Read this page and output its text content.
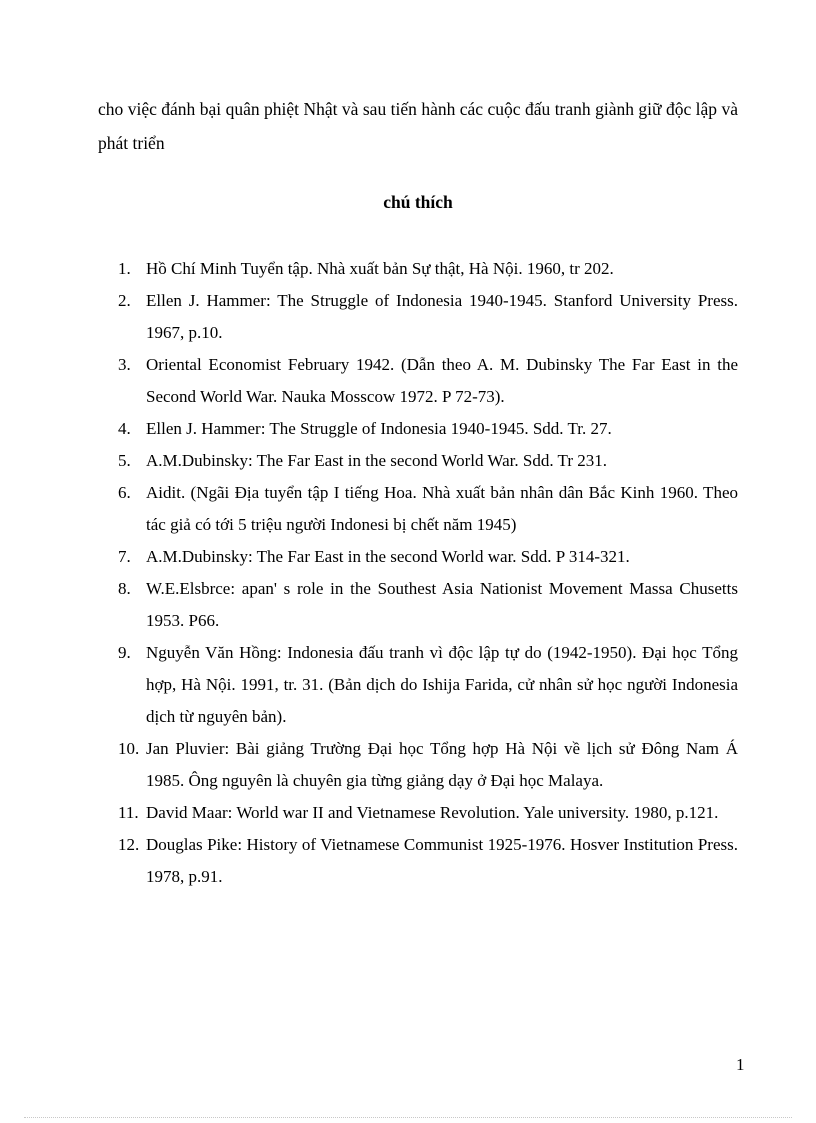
cho việc đánh bại quân phiệt Nhật và sau tiến hành các cuộc đấu tranh giành giữ độc lập và phát triển

chú thích
1. Hồ Chí Minh Tuyển tập. Nhà xuất bản Sự thật, Hà Nội. 1960, tr 202.
2. Ellen J. Hammer: The Struggle of Indonesia 1940-1945. Stanford University Press. 1967, p.10.
3. Oriental Economist February 1942. (Dẫn theo A. M. Dubinsky The Far East in the Second World War. Nauka Mosscow 1972. P 72-73).
4. Ellen J. Hammer: The Struggle of Indonesia 1940-1945. Sdd. Tr. 27.
5. A.M.Dubinsky: The Far East in the second World War. Sdd. Tr 231.
6. Aidit. (Ngãi Địa tuyển tập I tiếng Hoa. Nhà xuất bản nhân dân Bắc Kinh 1960. Theo tác giả có tới 5 triệu người Indonesi bị chết năm 1945)
7. A.M.Dubinsky: The Far East in the second World war. Sdd. P 314-321.
8. W.E.Elsbrce: apan' s role in the Southest Asia Nationist Movement Massa Chusetts 1953. P66.
9. Nguyễn Văn Hồng: Indonesia đấu tranh vì độc lập tự do (1942-1950). Đại học Tổng hợp, Hà Nội. 1991, tr. 31. (Bản dịch do Ishija Farida, cử nhân sử học người Indonesia dịch từ nguyên bản).
10. Jan Pluvier: Bài giảng Trường Đại học Tổng hợp Hà Nội về lịch sử Đông Nam Á 1985. Ông nguyên là chuyên gia từng giảng dạy ở Đại học Malaya.
11. David Maar: World war II and Vietnamese Revolution. Yale university. 1980, p.121.
12. Douglas Pike: History of Vietnamese Communist 1925-1976. Hosver Institution Press. 1978, p.91.
1
